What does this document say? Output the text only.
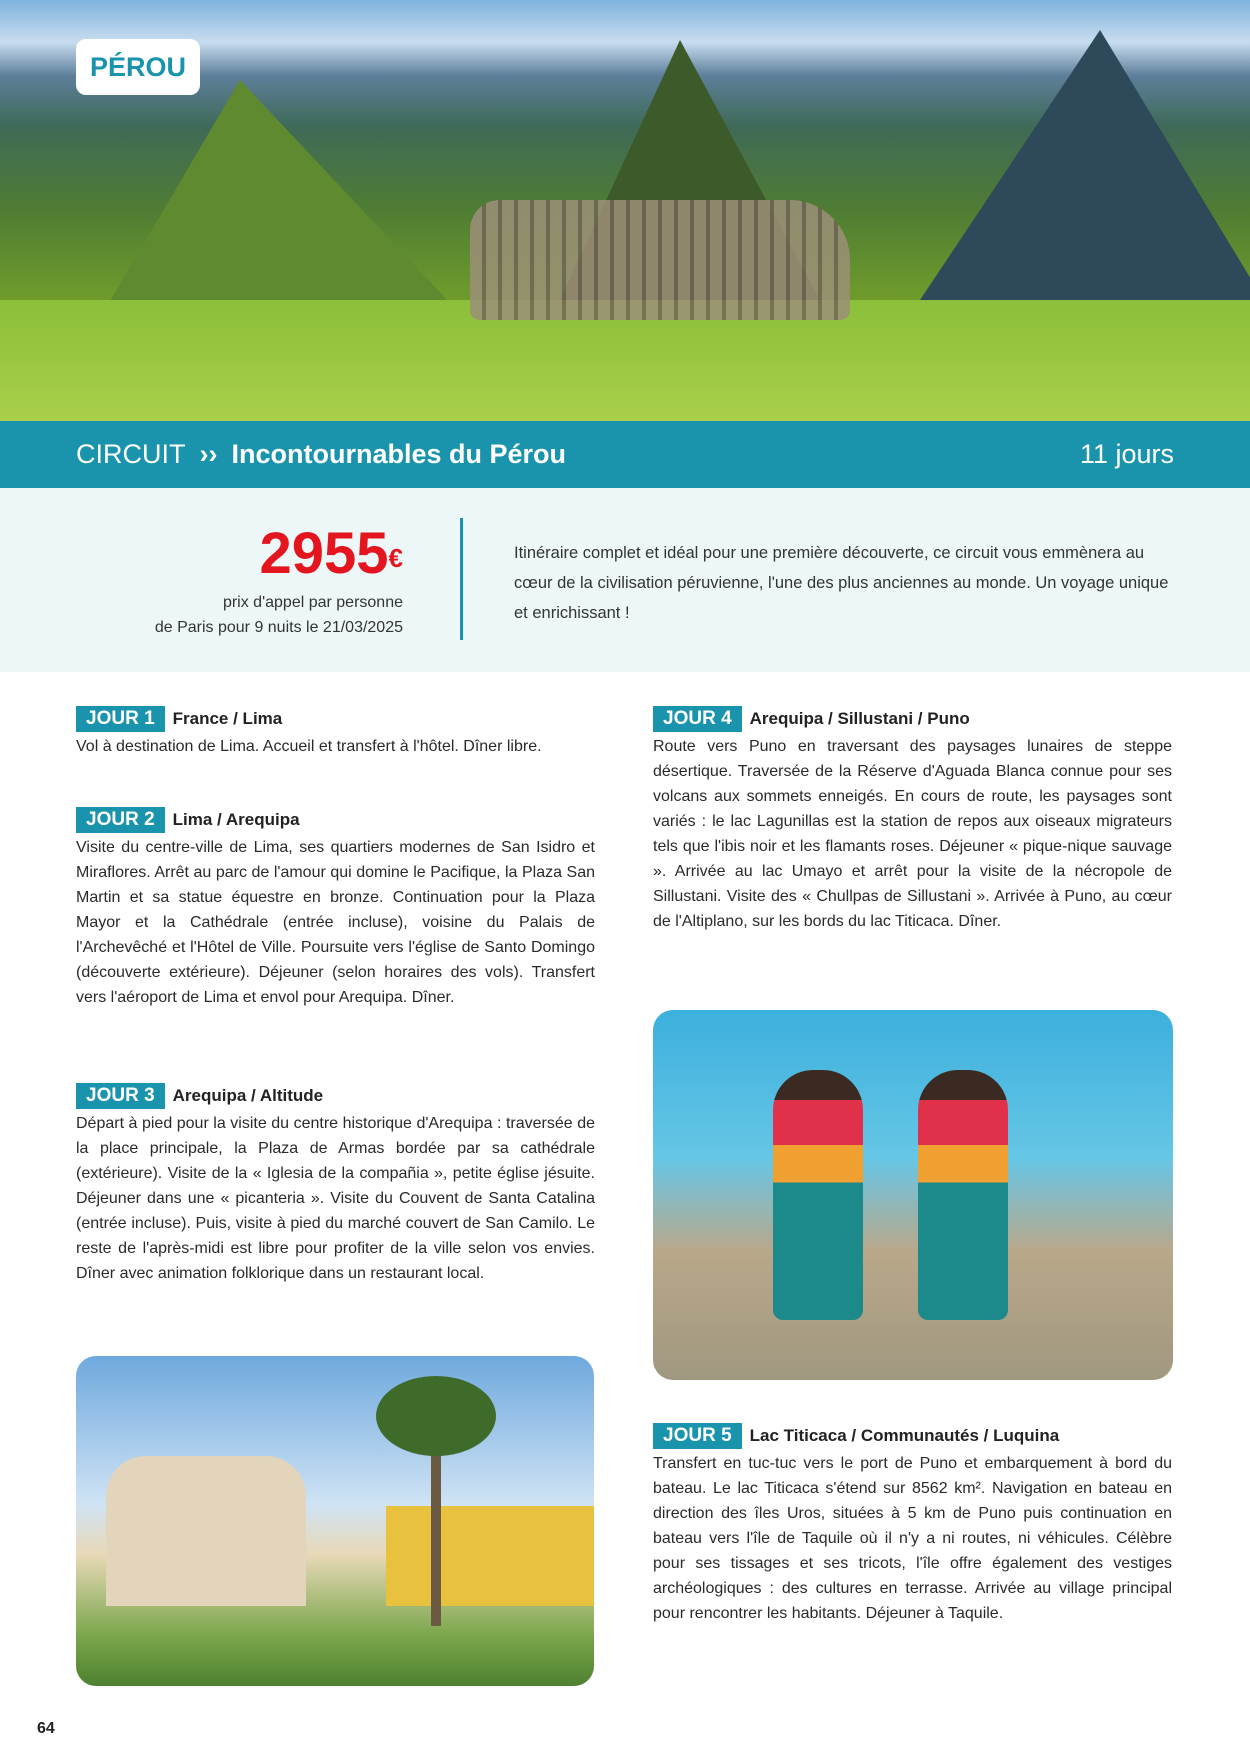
PÉROU
CIRCUIT ›› Incontournables du Pérou	11 jours
2955€
prix d'appel par personne
de Paris pour 9 nuits le 21/03/2025
Itinéraire complet et idéal pour une première découverte, ce circuit vous emmènera au cœur de la civilisation péruvienne, l'une des plus anciennes au monde. Un voyage unique et enrichissant !
JOUR 1	France / Lima

Vol à destination de Lima. Accueil et transfert à l'hôtel. Dîner libre.

JOUR 2	Lima / Arequipa

Visite du centre-ville de Lima, ses quartiers modernes de San Isidro et Miraflores. Arrêt au parc de l'amour qui domine le Pacifique, la Plaza San Martin et sa statue équestre en bronze. Continuation pour la Plaza Mayor et la Cathédrale (entrée incluse), voisine du Palais de l'Archevêché et l'Hôtel de Ville. Poursuite vers l'église de Santo Domingo (découverte extérieure). Déjeuner (selon horaires des vols). Transfert vers l'aéroport de Lima et envol pour Arequipa. Dîner.

JOUR 3	Arequipa / Altitude

Départ à pied pour la visite du centre historique d'Arequipa : traversée de la place principale, la Plaza de Armas bordée par sa cathédrale (extérieure). Visite de la « Iglesia de la compañia », petite église jésuite. Déjeuner dans une « picanteria ». Visite du Couvent de Santa Catalina (entrée incluse). Puis, visite à pied du marché couvert de San Camilo. Le reste de l'après-midi est libre pour profiter de la ville selon vos envies. Dîner avec animation folklorique dans un restaurant local.

JOUR 4	Arequipa / Sillustani / Puno

Route vers Puno en traversant des paysages lunaires de steppe désertique. Traversée de la Réserve d'Aguada Blanca connue pour ses volcans aux sommets enneigés. En cours de route, les paysages sont variés : le lac Lagunillas est la station de repos aux oiseaux migrateurs tels que l'ibis noir et les flamants roses. Déjeuner « pique-nique sauvage ». Arrivée au lac Umayo et arrêt pour la visite de la nécropole de Sillustani. Visite des « Chullpas de Sillustani ». Arrivée à Puno, au cœur de l'Altiplano, sur les bords du lac Titicaca. Dîner.

JOUR 5	Lac Titicaca / Communautés / Luquina

Transfert en tuc-tuc vers le port de Puno et embarquement à bord du bateau. Le lac Titicaca s'étend sur 8562 km². Navigation en bateau en direction des îles Uros, situées à 5 km de Puno puis continuation en bateau vers l'île de Taquile où il n'y a ni routes, ni véhicules. Célèbre pour ses tissages et ses tricots, l'île offre également des vestiges archéologiques : des cultures en terrasse. Arrivée au village principal pour rencontrer les habitants. Déjeuner à Taquile.

64
